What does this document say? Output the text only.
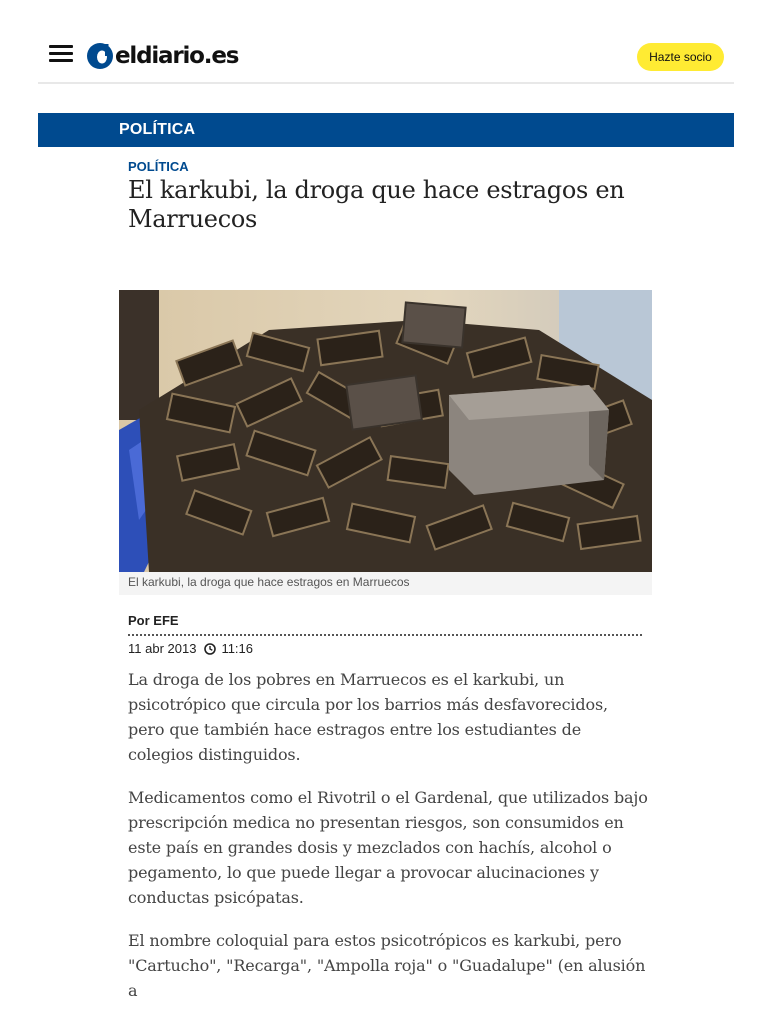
eldiario.es	Hazte socio
POLÍTICA
POLÍTICA
El karkubi, la droga que hace estragos en Marruecos
El karkubi, la droga que hace estragos en Marruecos
Por EFE
11 abr 2013 11:16

La droga de los pobres en Marruecos es el karkubi, un psicotrópico que circula por los barrios más desfavorecidos, pero que también hace estragos entre los estudiantes de colegios distinguidos.

Medicamentos como el Rivotril o el Gardenal, que utilizados bajo prescripción medica no presentan riesgos, son consumidos en este país en grandes dosis y mezclados con hachís, alcohol o pegamento, lo que puede llegar a provocar alucinaciones y conductas psicópatas.

El nombre coloquial para estos psicotrópicos es karkubi, pero "Cartucho", "Recarga", "Ampolla roja" o "Guadalupe" (en alusión a
